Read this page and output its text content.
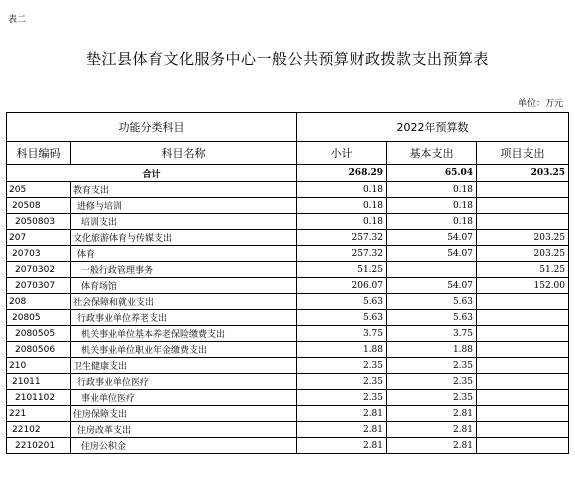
表二
垫江县体育文化服务中心一般公共预算财政拨款支出预算表
单位：万元
功能分类科目		2022年预算数		
科目编码	科目名称	小计	基本支出	项目支出
合计		268.29	65.04	203.25
205	教育支出	0.18	0.18	
20508	进修与培训	0.18	0.18	
2050803	培训支出	0.18	0.18	
207	文化旅游体育与传媒支出	257.32	54.07	203.25
20703	体育	257.32	54.07	203.25
2070302	一般行政管理事务	51.25		51.25
2070307	体育场馆	206.07	54.07	152.00
208	社会保障和就业支出	5.63	5.63	
20805	行政事业单位养老支出	5.63	5.63	
2080505	机关事业单位基本养老保险缴费支出	3.75	3.75	
2080506	机关事业单位职业年金缴费支出	1.88	1.88	
210	卫生健康支出	2.35	2.35	
21011	行政事业单位医疗	2.35	2.35	
2101102	事业单位医疗	2.35	2.35	
221	住房保障支出	2.81	2.81	
22102	住房改革支出	2.81	2.81	
2210201	住房公积金	2.81	2.81	
